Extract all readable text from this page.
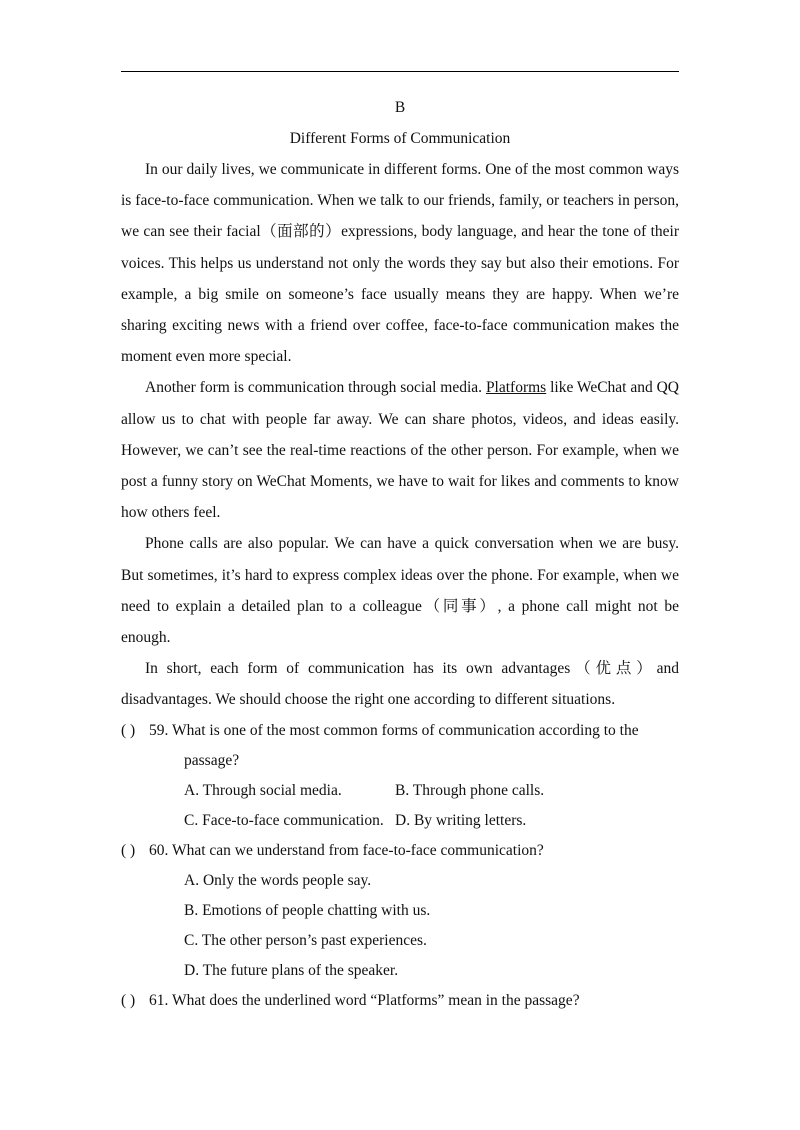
B
Different Forms of Communication

In our daily lives, we communicate in different forms. One of the most common ways is face-to-face communication. When we talk to our friends, family, or teachers in person, we can see their facial（面部的）expressions, body language, and hear the tone of their voices. This helps us understand not only the words they say but also their emotions. For example, a big smile on someone’s face usually means they are happy. When we’re sharing exciting news with a friend over coffee, face-to-face communication makes the moment even more special.

Another form is communication through social media. Platforms like WeChat and QQ allow us to chat with people far away. We can share photos, videos, and ideas easily. However, we can’t see the real-time reactions of the other person. For example, when we post a funny story on WeChat Moments, we have to wait for likes and comments to know how others feel.

Phone calls are also popular. We can have a quick conversation when we are busy. But sometimes, it’s hard to express complex ideas over the phone. For example, when we need to explain a detailed plan to a colleague（同事）, a phone call might not be enough.

In short, each form of communication has its own advantages（优点）and disadvantages. We should choose the right one according to different situations.

( ) 59. What is one of the most common forms of communication according to the
passage?
A. Through social media.	B. Through phone calls.
C. Face-to-face communication. D. By writing letters.
( ) 60. What can we understand from face-to-face communication?
A. Only the words people say.
B. Emotions of people chatting with us.
C. The other person’s past experiences.
D. The future plans of the speaker.
( ) 61. What does the underlined word “Platforms” mean in the passage?
